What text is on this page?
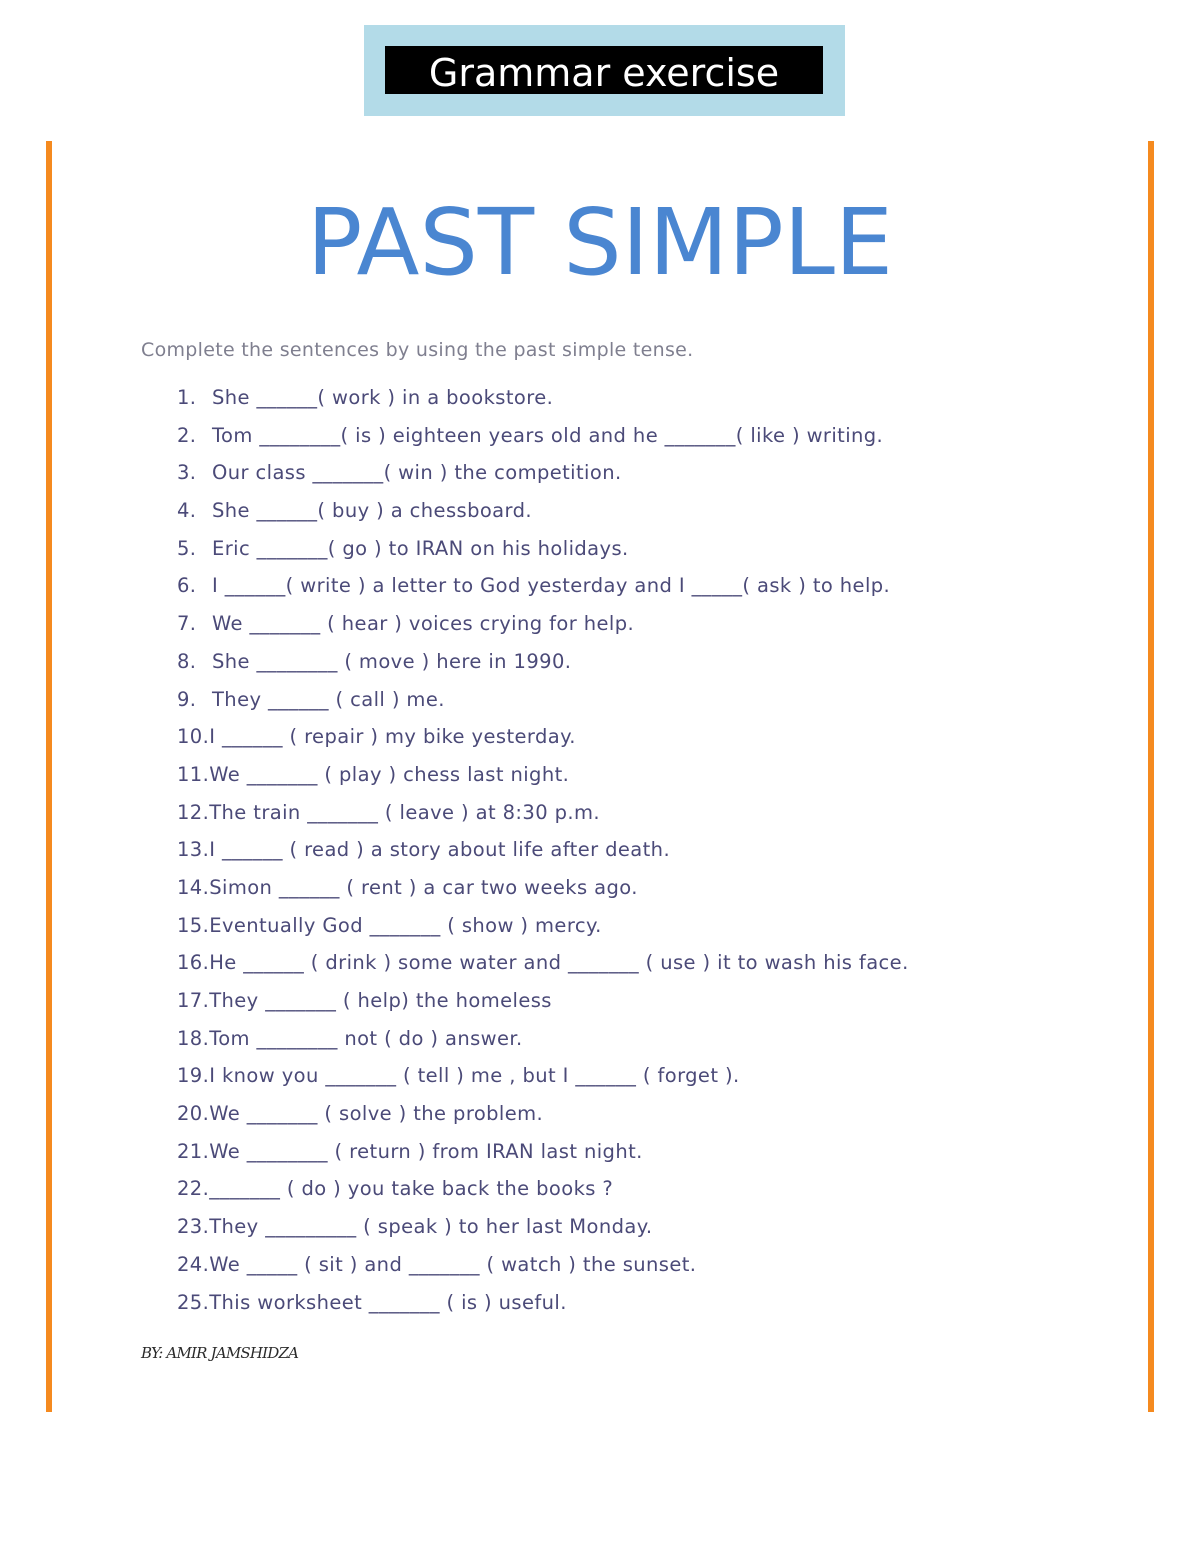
Grammar exercise
PAST SIMPLE
Complete the sentences by using the past simple tense.
1. She ______( work ) in a bookstore.
2. Tom ________( is ) eighteen years old and he _______( like ) writing.
3. Our class _______( win ) the competition.
4. She ______( buy ) a chessboard.
5. Eric _______( go ) to IRAN on his holidays.
6. I ______( write ) a letter to God yesterday and I _____( ask ) to help.
7. We _______ ( hear ) voices crying for help.
8. She ________ ( move ) here in 1990.
9. They ______ ( call ) me.
10.I ______ ( repair ) my bike yesterday.
11.We _______ ( play ) chess last night.
12.The train _______ ( leave ) at 8:30 p.m.
13.I ______ ( read ) a story about life after death.
14.Simon ______ ( rent ) a car two weeks ago.
15.Eventually God _______ ( show ) mercy.
16.He ______ ( drink ) some water and _______ ( use ) it to wash his face.
17.They _______ ( help) the homeless
18.Tom ________ not ( do ) answer.
19.I know you _______ ( tell ) me , but I ______ ( forget ).
20.We _______ ( solve ) the problem.
21.We ________ ( return ) from IRAN last night.
22._______ ( do ) you take back the books ?
23.They _________ ( speak ) to her last Monday.
24.We _____ ( sit ) and _______ ( watch ) the sunset.
25.This worksheet _______ ( is ) useful.
BY: AMIR JAMSHIDZA
